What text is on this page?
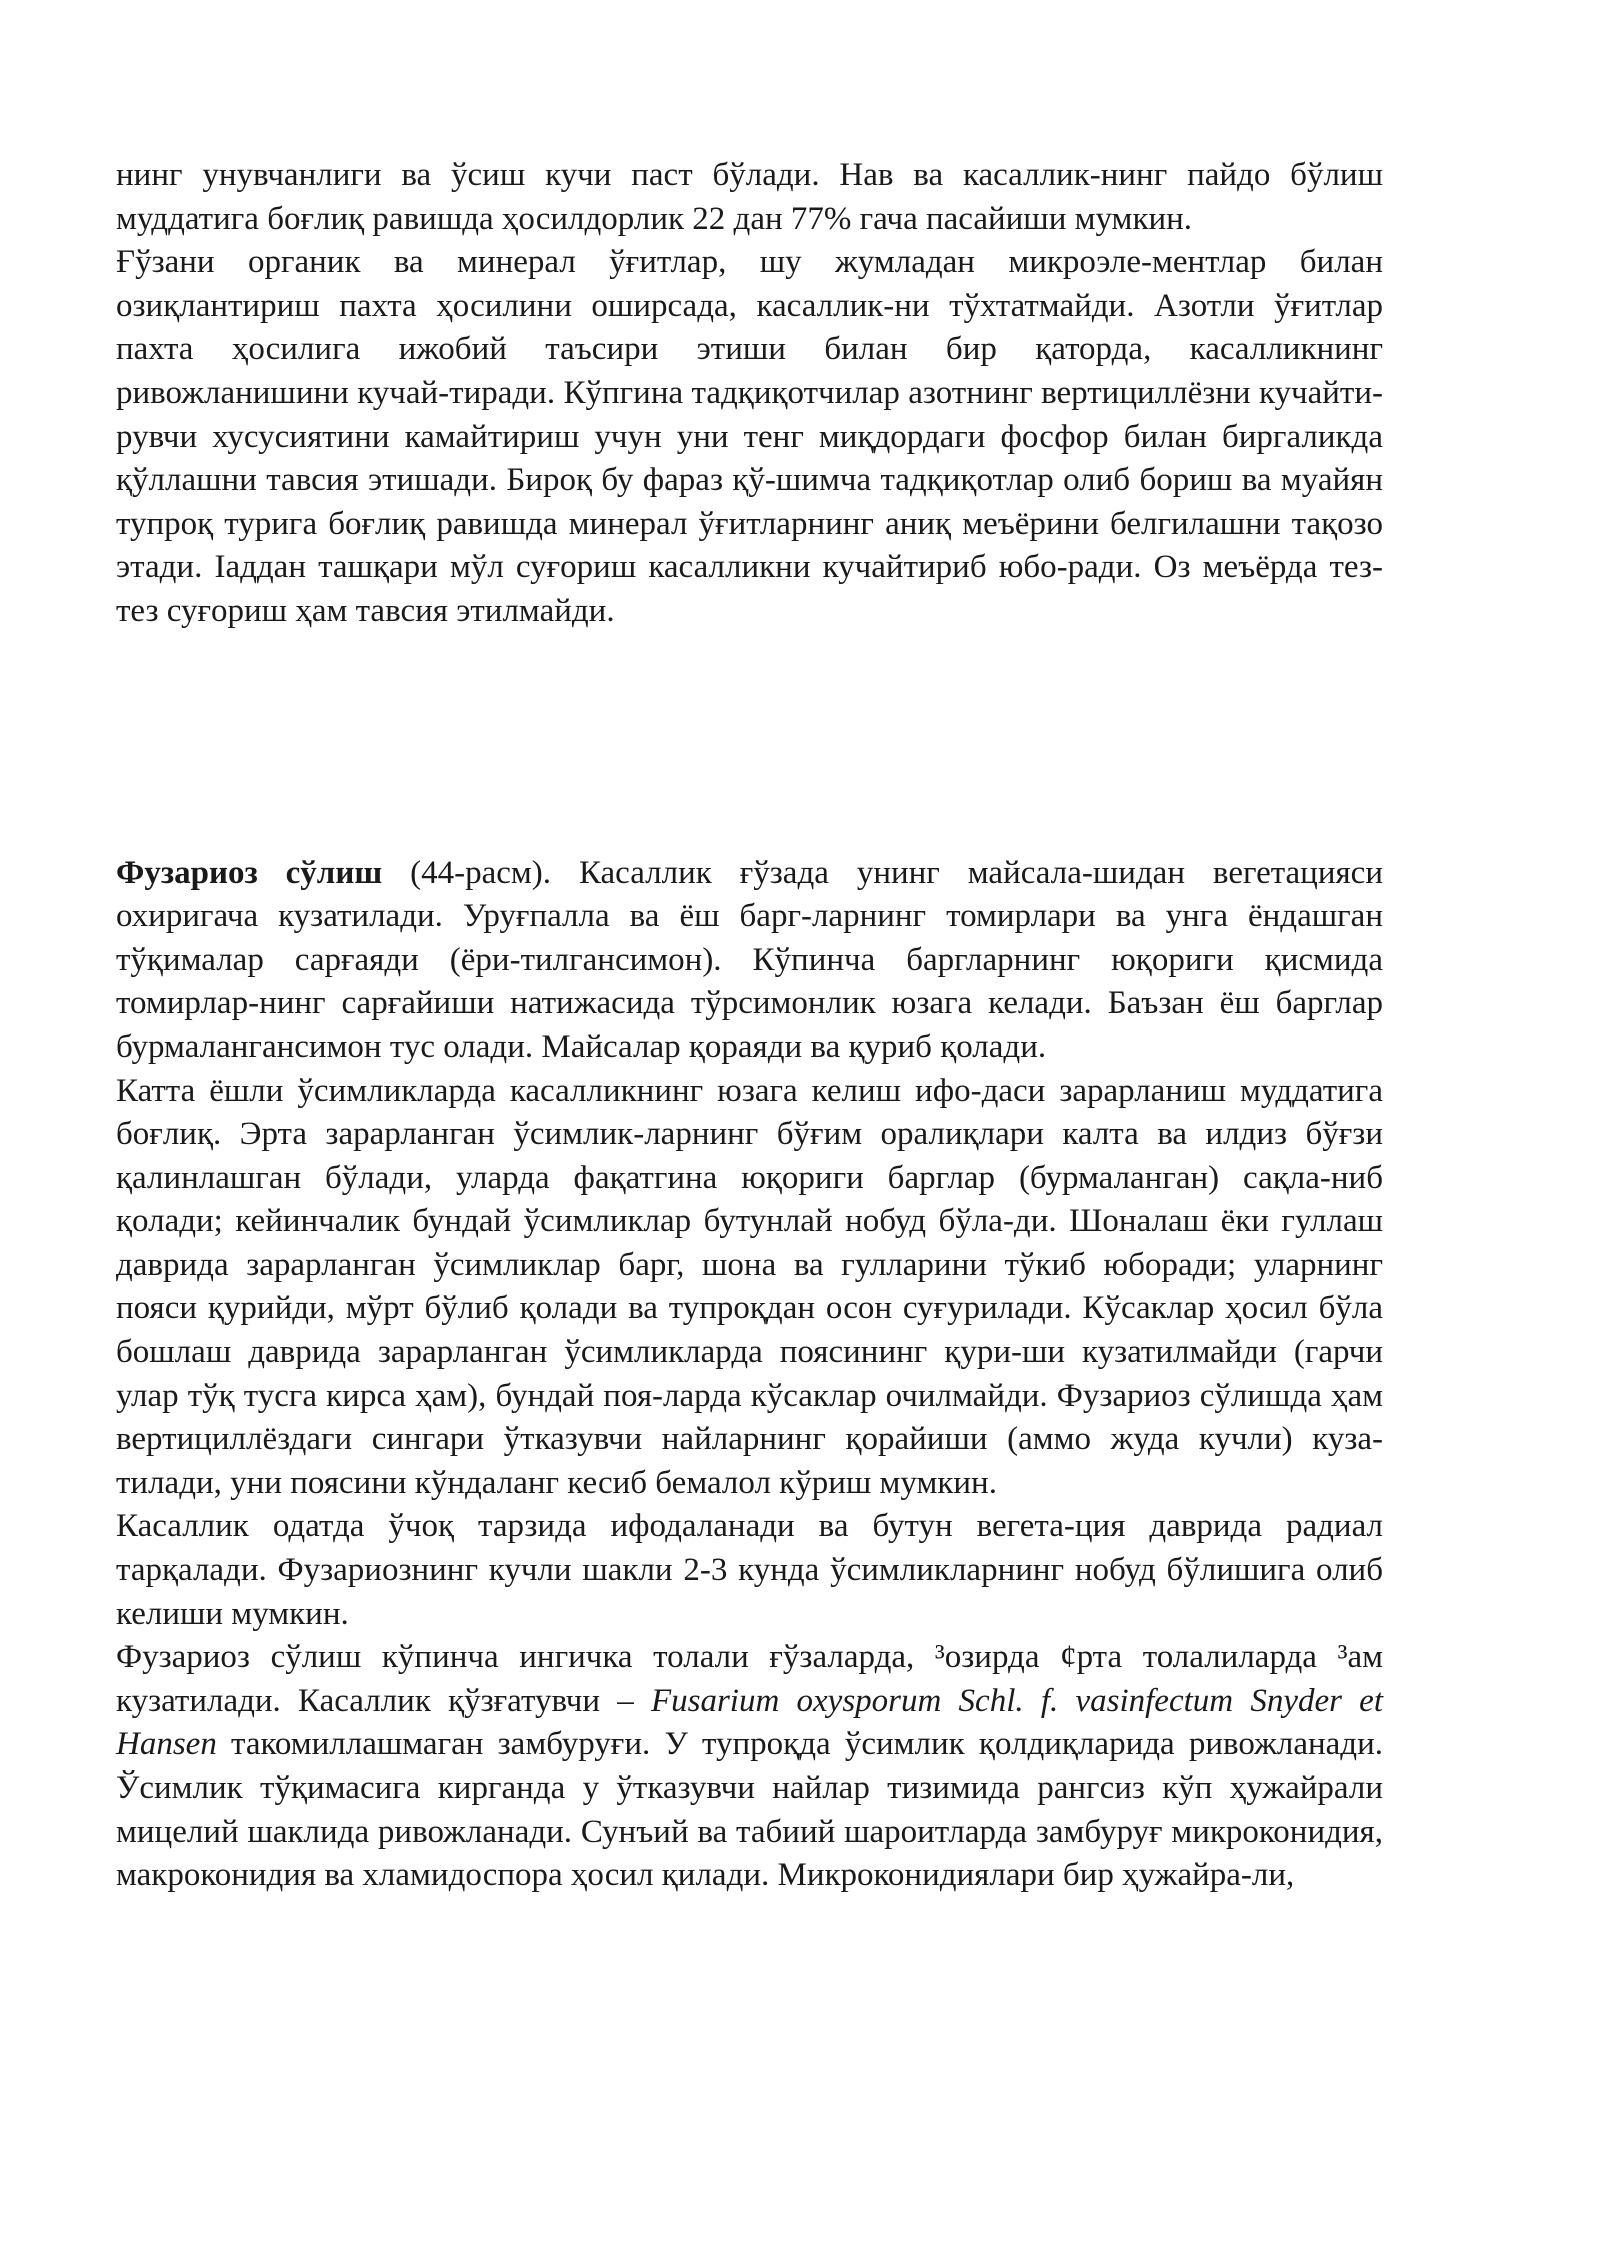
нинг унувчанлиги ва ўсиш кучи паст бўлади. Нав ва касаллик-нинг пайдо бўлиш муддатига боғлиқ равишда ҳосилдорлик 22 дан 77% гача пасайиши мумкин.

Ғўзани органик ва минерал ўғитлар, шу жумладан микроэле-ментлар билан озиқлантириш пахта ҳосилини оширсада, касаллик-ни тўхтатмайди. Азотли ўғитлар пахта ҳосилига ижобий таъсири этиши билан бир қаторда, касалликнинг ривожланишини кучай-тиради. Кўпгина тадқиқотчилар азотнинг вертициллёзни кучайти-рувчи хусусиятини камайтириш учун уни тенг миқдордаги фосфор билан биргаликда қўллашни тавсия этишади. Бироқ бу фараз қў-шимча тадқиқотлар олиб бориш ва муайян тупроқ турига боғлиқ равишда минерал ўғитларнинг аниқ меъёрини белгилашни тақозо этади. Іаддан ташқари мўл суғориш касалликни кучайтириб юбо-ради. Оз меъёрда тез-тез суғориш ҳам тавсия этилмайди.

Фузариоз сўлиш (44-расм). Касаллик ғўзада унинг майсала-шидан вегетацияси охиригача кузатилади. Уруғпалла ва ёш барг-ларнинг томирлари ва унга ёндашган тўқималар сарғаяди (ёри-тилгансимон). Кўпинча баргларнинг юқориги қисмида томирлар-нинг сарғайиши натижасида тўрсимонлик юзага келади. Баъзан ёш барглар бурмалангансимон тус олади. Майсалар қораяди ва қуриб қолади.

Катта ёшли ўсимликларда касалликнинг юзага келиш ифо-даси зарарланиш муддатига боғлиқ. Эрта зарарланган ўсимлик-ларнинг бўғим оралиқлари калта ва илдиз бўғзи қалинлашган бўлади, уларда фақатгина юқориги барглар (бурмаланган) сақла-ниб қолади; кейинчалик бундай ўсимликлар бутунлай нобуд бўла-ди. Шоналаш ёки гуллаш даврида зарарланган ўсимликлар барг, шона ва гулларини тўкиб юборади; уларнинг пояси қурийди, мўрт бўлиб қолади ва тупроқдан осон суғурилади. Кўсаклар ҳосил бўла бошлаш даврида зарарланган ўсимликларда поясининг қури-ши кузатилмайди (гарчи улар тўқ тусга кирса ҳам), бундай поя-ларда кўсаклар очилмайди. Фузариоз сўлишда ҳам вертициллёздаги сингари ўтказувчи найларнинг қорайиши (аммо жуда кучли) куза-тилади, уни поясини кўндаланг кесиб бемалол кўриш мумкин.

Касаллик одатда ўчоқ тарзида ифодаланади ва бутун вегета-ция даврида радиал тарқалади. Фузариознинг кучли шакли 2-3 кунда ўсимликларнинг нобуд бўлишига олиб келиши мумкин.

Фузариоз сўлиш кўпинча ингичка толали ғўзаларда, ³озирда ¢рта толалиларда ³ам кузатилади. Касаллик қўзғатувчи – Fusarium oxysporum Schl. f. vasinfectum Snyder et Hansen такомиллашмаган замбуруғи. У тупроқда ўсимлик қолдиқларида ривожланади. Ўсимлик тўқимасига кирганда у ўтказувчи найлар тизимида рангсиз кўп ҳужайрали мицелий шаклида ривожланади. Сунъий ва табиий шароитларда замбуруғ микроконидия, макроконидия ва хламидоспора ҳосил қилади. Микроконидиялари бир ҳужайра-ли,
